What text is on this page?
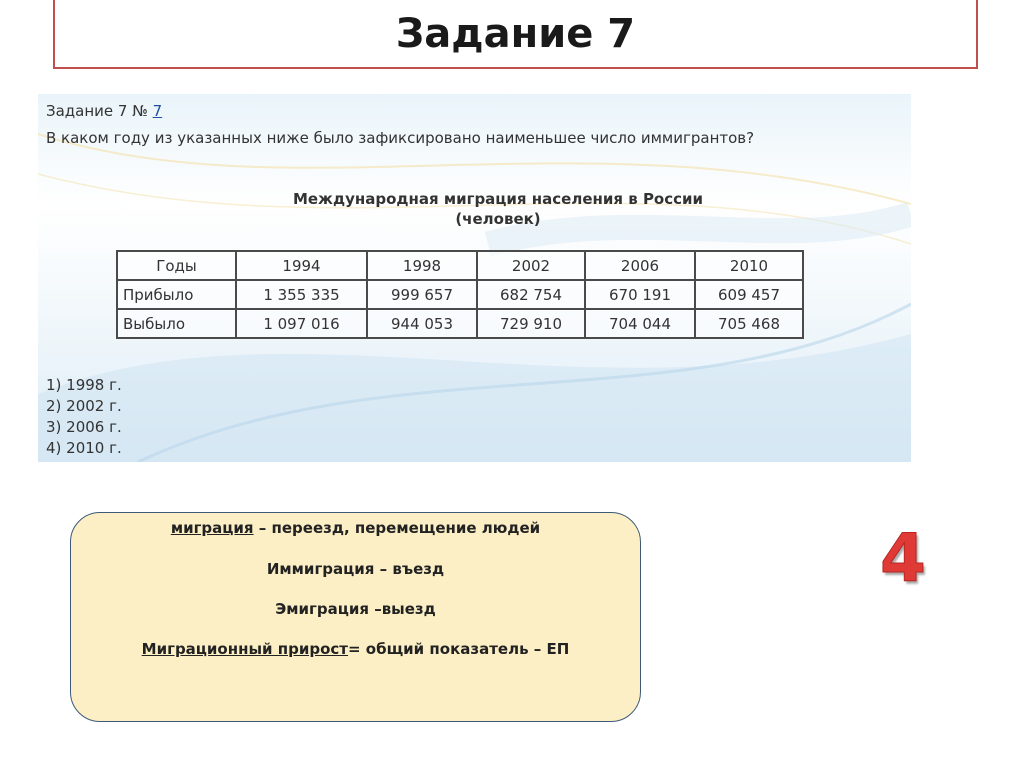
Задание 7
Задание 7 № 7
В каком году из указанных ниже было зафиксировано наименьшее число иммигрантов?
Международная миграция населения в России
(человек)
Годы	1994	1998	2002	2006	2010
Прибыло	1 355 335	999 657	682 754	670 191	609 457
Выбыло	1 097 016	944 053	729 910	704 044	705 468
1) 1998 г.
2) 2002 г.
3) 2006 г.
4) 2010 г.

миграция – переезд, перемещение людей

Иммиграция – въезд

Эмиграция –выезд

Миграционный прирост= общий показатель – ЕП

4
